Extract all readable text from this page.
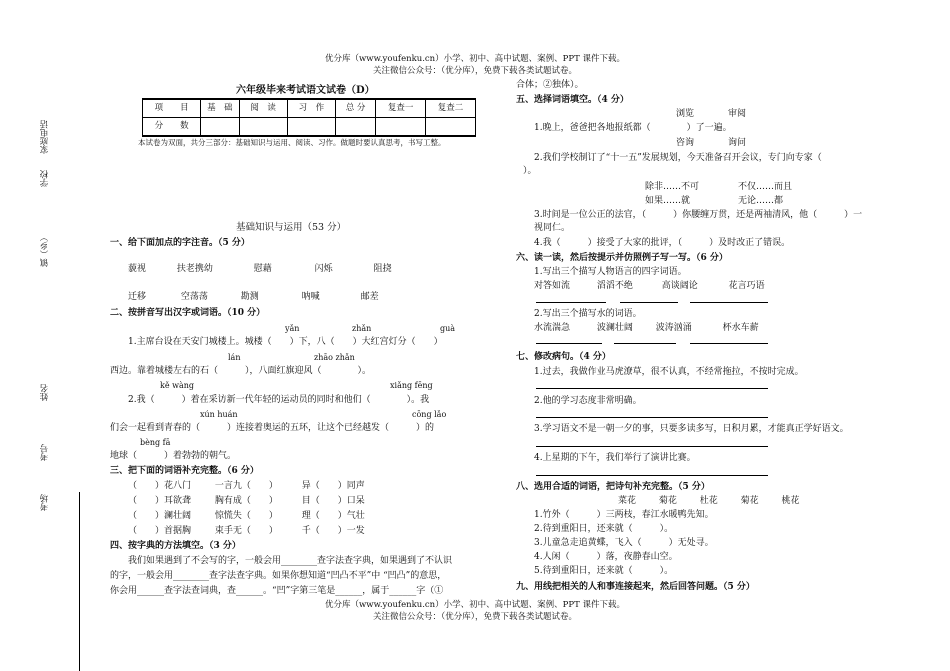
优分库（www.youfenku.cn）小学、初中、高中试题、案例、PPT 课件下载。
关注微信公众号：（优分库），免费下载各类试题试卷。
家庭电话
学校
镇（乡）
姓名
考号
考场
六年级毕来考试语文试卷（D）
项　　目	基　础	阅　读	习　作	总 分	复查一	复查二
分　　数						
本试卷为双面，共分三部分：基础知识与运用、阅读、习作。做题时要认真思考，书写工整。
基础知识与运用（53 分）
一、给下面加点的字注音。（5 分）
藐视	扶老携幼	慰藉	闪烁	阻挠
迁移	空荡荡	勘测	呐喊	邮差
二、按拼音写出汉字或词语。（10 分）
yǎn	zhǎn	guà
1.主席台设在天安门城楼上。城楼（　　）下，八（　　）大红宫灯分（　　）
lán	zhāo zhǎn
西边。靠着城楼左右的石（　　　），八面红旗迎风（　　　　）。
kě wàng	xiǎng fēng
2.我（　　　）着在采访新一代年轻的运动员的同时和他们（　　　　）。我
xún huán	cōng lǎo
们会一起看到青春的（　　　）连接着奥运的五环，让这个已经越发（　　　）的
bèng fā
地球（　　　）着勃勃的朝气。
三、把下面的词语补充完整。（6 分）
（　　）花八门	一言九（　　）	异（　　）同声
（　　）耳欲聋	胸有成（　　）	目（　　）口呆
（　　）澜壮阔	惊慌失（　　）	理（　　）气壮
（　　）首据胸	束手无（　　）	千（　　）一发
四、按字典的方法填空。（3 分）
我们如果遇到了不会写的字，一般会用________查字法查字典，如果遇到了不认识
的字，一般会用________查字法查字典。如果你想知道“凹凸不平”中 “凹凸”的意思，
你会用______查字法查词典，查______。“凹”字第三笔是______，属于______字（①
合体；②独体）。
五、选择词语填空。（4 分）
浏览	审阅
1.晚上，爸爸把各地报纸都（　　　　）了一遍。
咨询	询问
2.我们学校制订了“十一五”发展规划，今天准备召开会议，专门向专家（
）。
除非……不可	不仅……而且
如果……就	无论……都
3.时间是一位公正的法官，（　　　）你腰缠万贯，还是两袖清风，他（　　　）一
视同仁。
4.我（　　　）接受了大家的批评，（　　　）及时改正了错误。
六、读一读，然后按提示并仿照例子写一写。（6 分）
1.写出三个描写人物语言的四字词语。
对答如流	滔滔不绝	高谈阔论	花言巧语
2.写出三个描写水的词语。
水流湍急	波澜壮阔	波涛汹涌	杯水车薪
七、修改病句。（4 分）
1.过去，我做作业马虎潦草，很不认真，不经常拖拉，不按时完成。
2.他的学习态度非常明确。
3.学习语文不是一朝一夕的事，只要多读多写，日积月累，才能真正学好语文。
4.上星期的下午，我们举行了演讲比赛。
八、选用合适的词语，把诗句补充完整。（5 分）
菜花	菊花	杜花	菊花	桃花
1.竹外（　　　）三两枝，春江水暖鸭先知。
2.待到重阳日，还来就（　　　）。
3.儿童急走追黄蝶，飞入（　　　）无处寻。
4.人闲（　　　）落，夜静春山空。
5.待到重阳日，还来就（　　　）。
九、用线把相关的人和事连接起来，然后回答问题。（5 分）
优分库（www.youfenku.cn）小学、初中、高中试题、案例、PPT 课件下载。
关注微信公众号：（优分库），免费下载各类试题试卷。
